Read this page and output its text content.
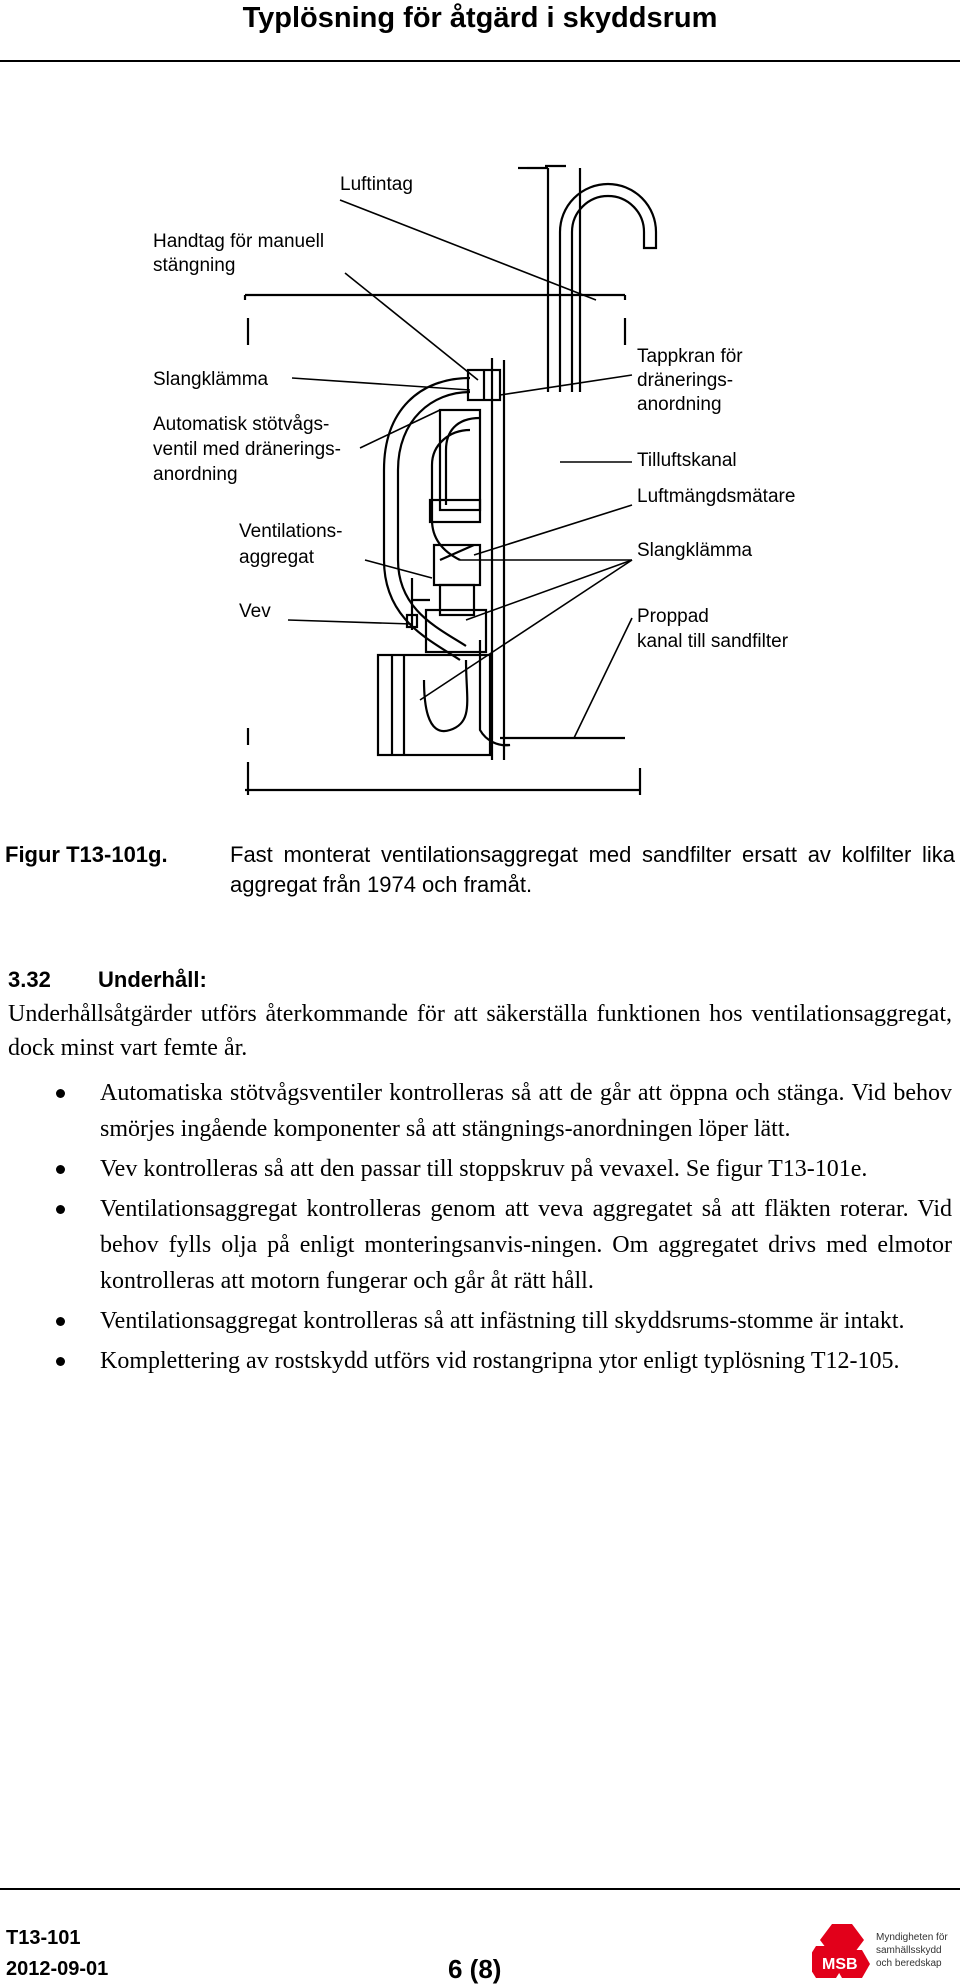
Typlösning för åtgärd i skyddsrum
Luftintag
Handtag för manuell
stängning
Slangklämma
Automatisk stötvågs-
ventil med dränerings-
anordning
Ventilations-
aggregat
Vev
Tappkran för
dränerings-
anordning
Tilluftskanal
Luftmängdsmätare
Slangklämma
Proppad
kanal till sandfilter
Figur T13-101g.	Fast monterat ventilationsaggregat med sandfilter ersatt av kolfilter lika aggregat från 1974 och framåt.
3.32 Underhåll:
Underhållsåtgärder utförs återkommande för att säkerställa funktionen hos ventilationsaggregat, dock minst vart femte år.
Automatiska stötvågsventiler kontrolleras så att de går att öppna och stänga. Vid behov smörjes ingående komponenter så att stängnings-anordningen löper lätt.
Vev kontrolleras så att den passar till stoppskruv på vevaxel. Se figur T13-101e.
Ventilationsaggregat kontrolleras genom att veva aggregatet så att fläkten roterar. Vid behov fylls olja på enligt monteringsanvis-ningen. Om aggregatet drivs med elmotor kontrolleras att motorn fungerar och går åt rätt håll.
Ventilationsaggregat kontrolleras så att infästning till skyddsrums-stomme är intakt.
Komplettering av rostskydd utförs vid rostangripna ytor enligt typlösning T12-105.
T13-101
2012-09-01	6 (8)	MSB
Myndigheten för
samhällsskydd
och beredskap
